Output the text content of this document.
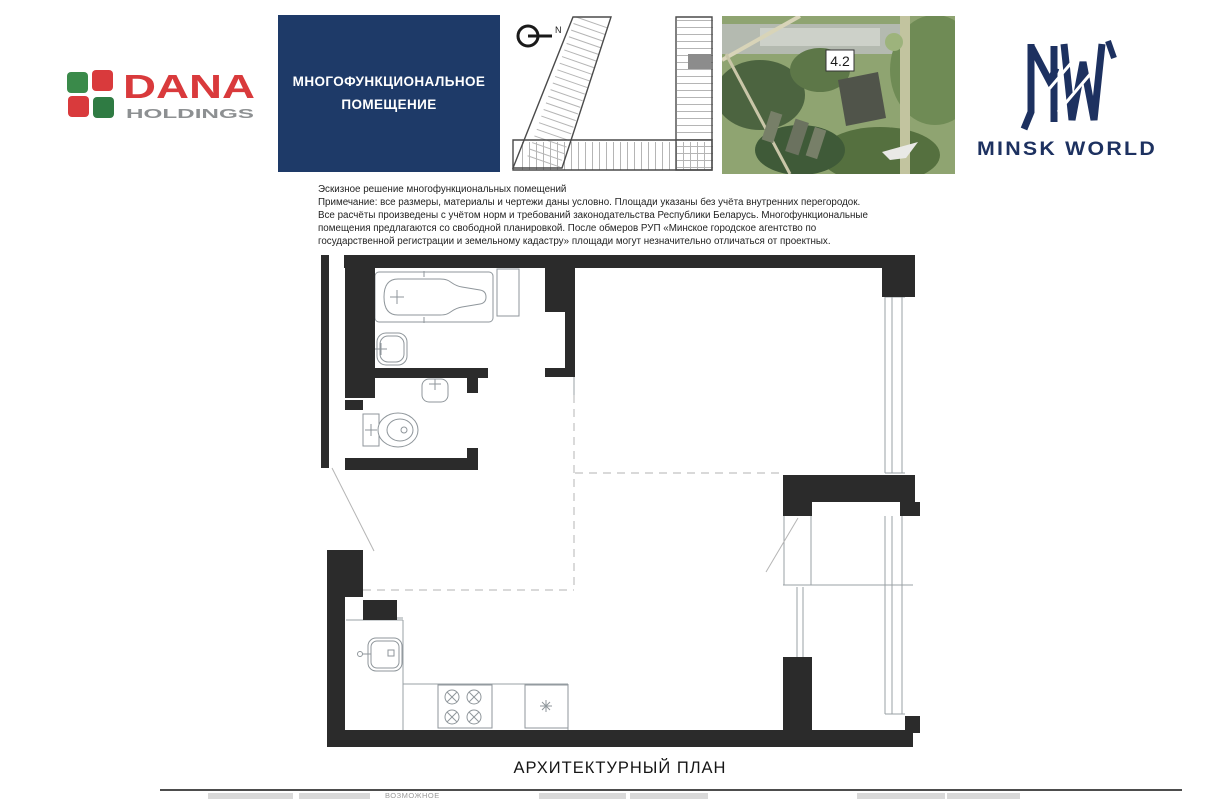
DANA
HOLDINGS
МНОГОФУНКЦИОНАЛЬНОЕ
ПОМЕЩЕНИЕ
N
4.2
MINSK WORLD
Эскизное решение многофункциональных помещений
Примечание: все размеры, материалы и чертежи даны условно. Площади указаны без учёта внутренних перегородок.
Все расчёты произведены с учётом норм и требований законодательства Республики Беларусь. Многофункциональные
помещения предлагаются со свободной планировкой. После обмеров РУП «Минское городское агентство по
государственной регистрации и земельному кадастру» площади могут незначительно отличаться от проектных.
АРХИТЕКТУРНЫЙ ПЛАН
ВОЗМОЖНОЕ
